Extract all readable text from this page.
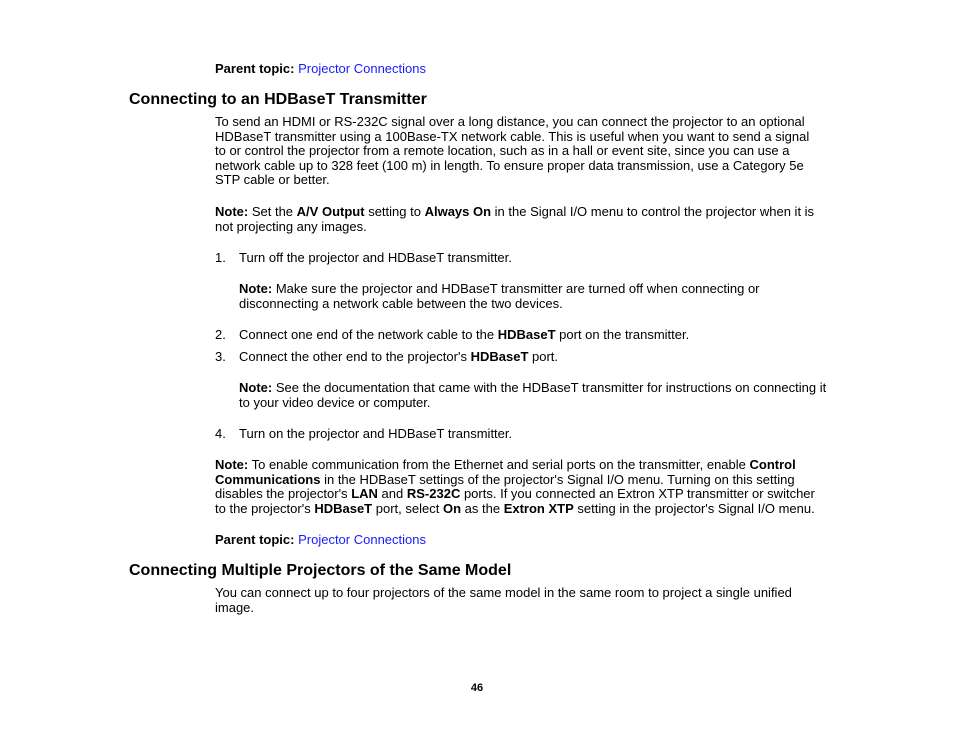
Parent topic: Projector Connections
Connecting to an HDBaseT Transmitter
To send an HDMI or RS-232C signal over a long distance, you can connect the projector to an optional HDBaseT transmitter using a 100Base-TX network cable. This is useful when you want to send a signal to or control the projector from a remote location, such as in a hall or event site, since you can use a network cable up to 328 feet (100 m) in length. To ensure proper data transmission, use a Category 5e STP cable or better.
Note: Set the A/V Output setting to Always On in the Signal I/O menu to control the projector when it is not projecting any images.
1. Turn off the projector and HDBaseT transmitter.
Note: Make sure the projector and HDBaseT transmitter are turned off when connecting or disconnecting a network cable between the two devices.
2. Connect one end of the network cable to the HDBaseT port on the transmitter.
3. Connect the other end to the projector's HDBaseT port.
Note: See the documentation that came with the HDBaseT transmitter for instructions on connecting it to your video device or computer.
4. Turn on the projector and HDBaseT transmitter.
Note: To enable communication from the Ethernet and serial ports on the transmitter, enable Control Communications in the HDBaseT settings of the projector's Signal I/O menu. Turning on this setting disables the projector's LAN and RS-232C ports. If you connected an Extron XTP transmitter or switcher to the projector's HDBaseT port, select On as the Extron XTP setting in the projector's Signal I/O menu.
Parent topic: Projector Connections
Connecting Multiple Projectors of the Same Model
You can connect up to four projectors of the same model in the same room to project a single unified image.
46
